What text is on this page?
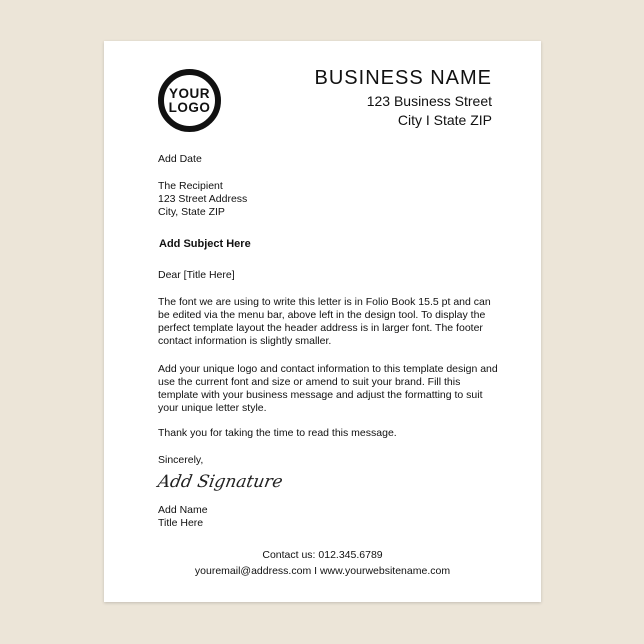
YOUR
LOGO
BUSINESS NAME
123 Business Street
City I State ZIP
Add Date
The Recipient
123 Street Address
City, State ZIP
Add Subject Here
Dear [Title Here]
The font we are using to write this letter is in Folio Book 15.5 pt and can be edited via the menu bar, above left in the design tool. To display the perfect template layout the header address is in larger font. The footer contact information is slightly smaller.
Add your unique logo and contact information to this template design and use the current font and size or amend to suit your brand. Fill this template with your business message and adjust the formatting to suit your unique letter style.
Thank you for taking the time to read this message.
Sincerely,
Add Signature
Add Name
Title Here
Contact us: 012.345.6789
youremail@address.com I www.yourwebsitename.com
